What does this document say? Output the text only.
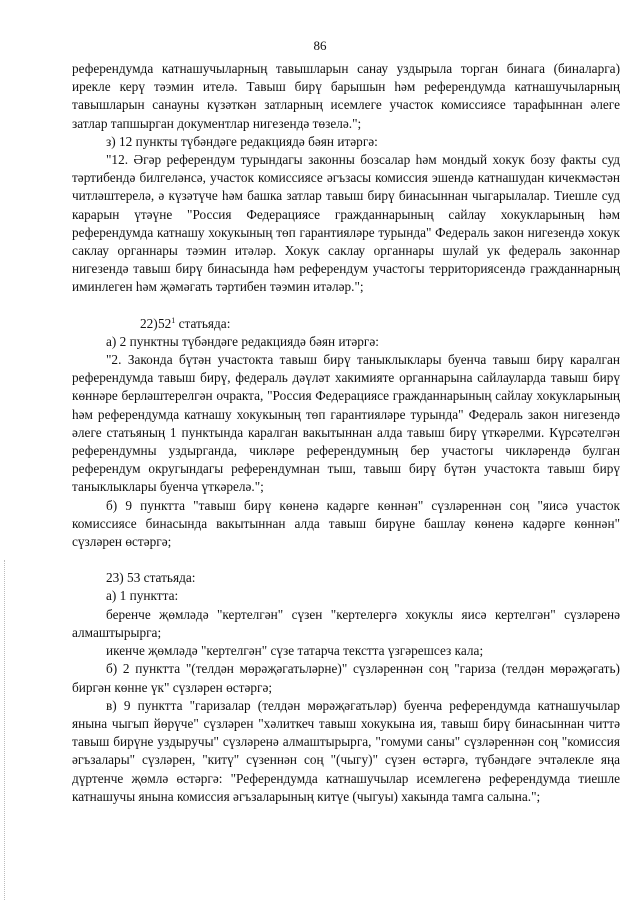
86

референдумда катнашучыларның тавышларын санау уздырыла торган бинага (биналарга) ирекле керү тәэмин ителә. Тавыш бирү барышын һәм референдумда катнашучыларның тавышларын санауны күзәткән затларның исемлеге участок комиссиясе тарафыннан әлеге затлар тапшырган документлар нигезендә төзелә.";

з) 12 пункты түбәндәге редакциядә бәян итәргә:

"12. Әгәр референдум турындагы законны бозсалар һәм мондый хокук бозу факты суд тәртибендә билгеләнсә, участок комиссиясе әгъзасы комиссия эшендә катнашудан кичекмәстән читләштерелә, ә күзәтүче һәм башка затлар тавыш бирү бинасыннан чыгарылалар. Тиешле суд карарын үтәүне "Россия Федерациясе гражданнарының сайлау хокукларының һәм референдумда катнашу хокукының төп гарантияләре турында" Федераль закон нигезендә хокук саклау органнары тәэмин итәләр. Хокук саклау органнары шулай ук федераль законнар нигезендә тавыш бирү бинасында һәм референдум участогы территориясендә гражданнарның иминлеген һәм җәмәгать тәртибен тәэмин итәләр.";

$22)52^1$ статьяда:

а) 2 пунктны түбәндәге редакциядә бәян итәргә:

"2. Законда бүтән участокта тавыш бирү таныклыклары буенча тавыш бирү каралган референдумда тавыш бирү, федераль дәүләт хакимияте органнарына сайлауларда тавыш бирү көннәре берләштерелгән очракта, "Россия Федерациясе гражданнарының сайлау хокукларының һәм референдумда катнашу хокукының төп гарантияләре турында" Федераль закон нигезендә әлеге статьяның 1 пунктында каралган вакытыннан алда тавыш бирү үткәрелми. Күрсәтелгән референдумны уздырганда, чикләре референдумның бер участогы чикләрендә булган референдум округындагы референдумнан тыш, тавыш бирү бүтән участокта тавыш бирү таныклыклары буенча үткәрелә.";

б) 9 пунктта "тавыш бирү көненә кадәрге көннән" сүзләреннән соң "яисә участок комиссиясе бинасында вакытыннан алда тавыш бирүне башлау көненә кадәрге көннән" сүзләрен өстәргә;

23) 53 статьяда:

а) 1 пунктта:

беренче җөмләдә "кертелгән" сүзен "кертелергә хокуклы яисә кертелгән" сүзләренә алмаштырырга;

икенче җөмләдә "кертелгән" сүзе татарча текстта үзгәрешсез кала;

б) 2 пунктта "(телдән мөрәҗәгатьләрне)" сүзләреннән соң "гариза (телдән мөрәҗәгать) биргән көнне үк" сүзләрен өстәргә;

в) 9 пунктта "гаризалар (телдән мөрәҗәгатьләр) буенча референдумда катнашучылар янына чыгып йөрүче" сүзләрен "хәлиткеч тавыш хокукына ия, тавыш бирү бинасыннан читтә тавыш бирүне уздыручы" сүзләренә алмаштырырга, "гомуми саны" сүзләреннән соң "комиссия әгъзалары" сүзләрен, "китү" сүзеннән соң "(чыгу)" сүзен өстәргә, түбәндәге эчтәлекле яңа дүртенче җөмлә өстәргә: "Референдумда катнашучылар исемлегенә референдумда тиешле катнашучы янына комиссия әгъзаларының китүе (чыгуы) хакында тамга салына.";
